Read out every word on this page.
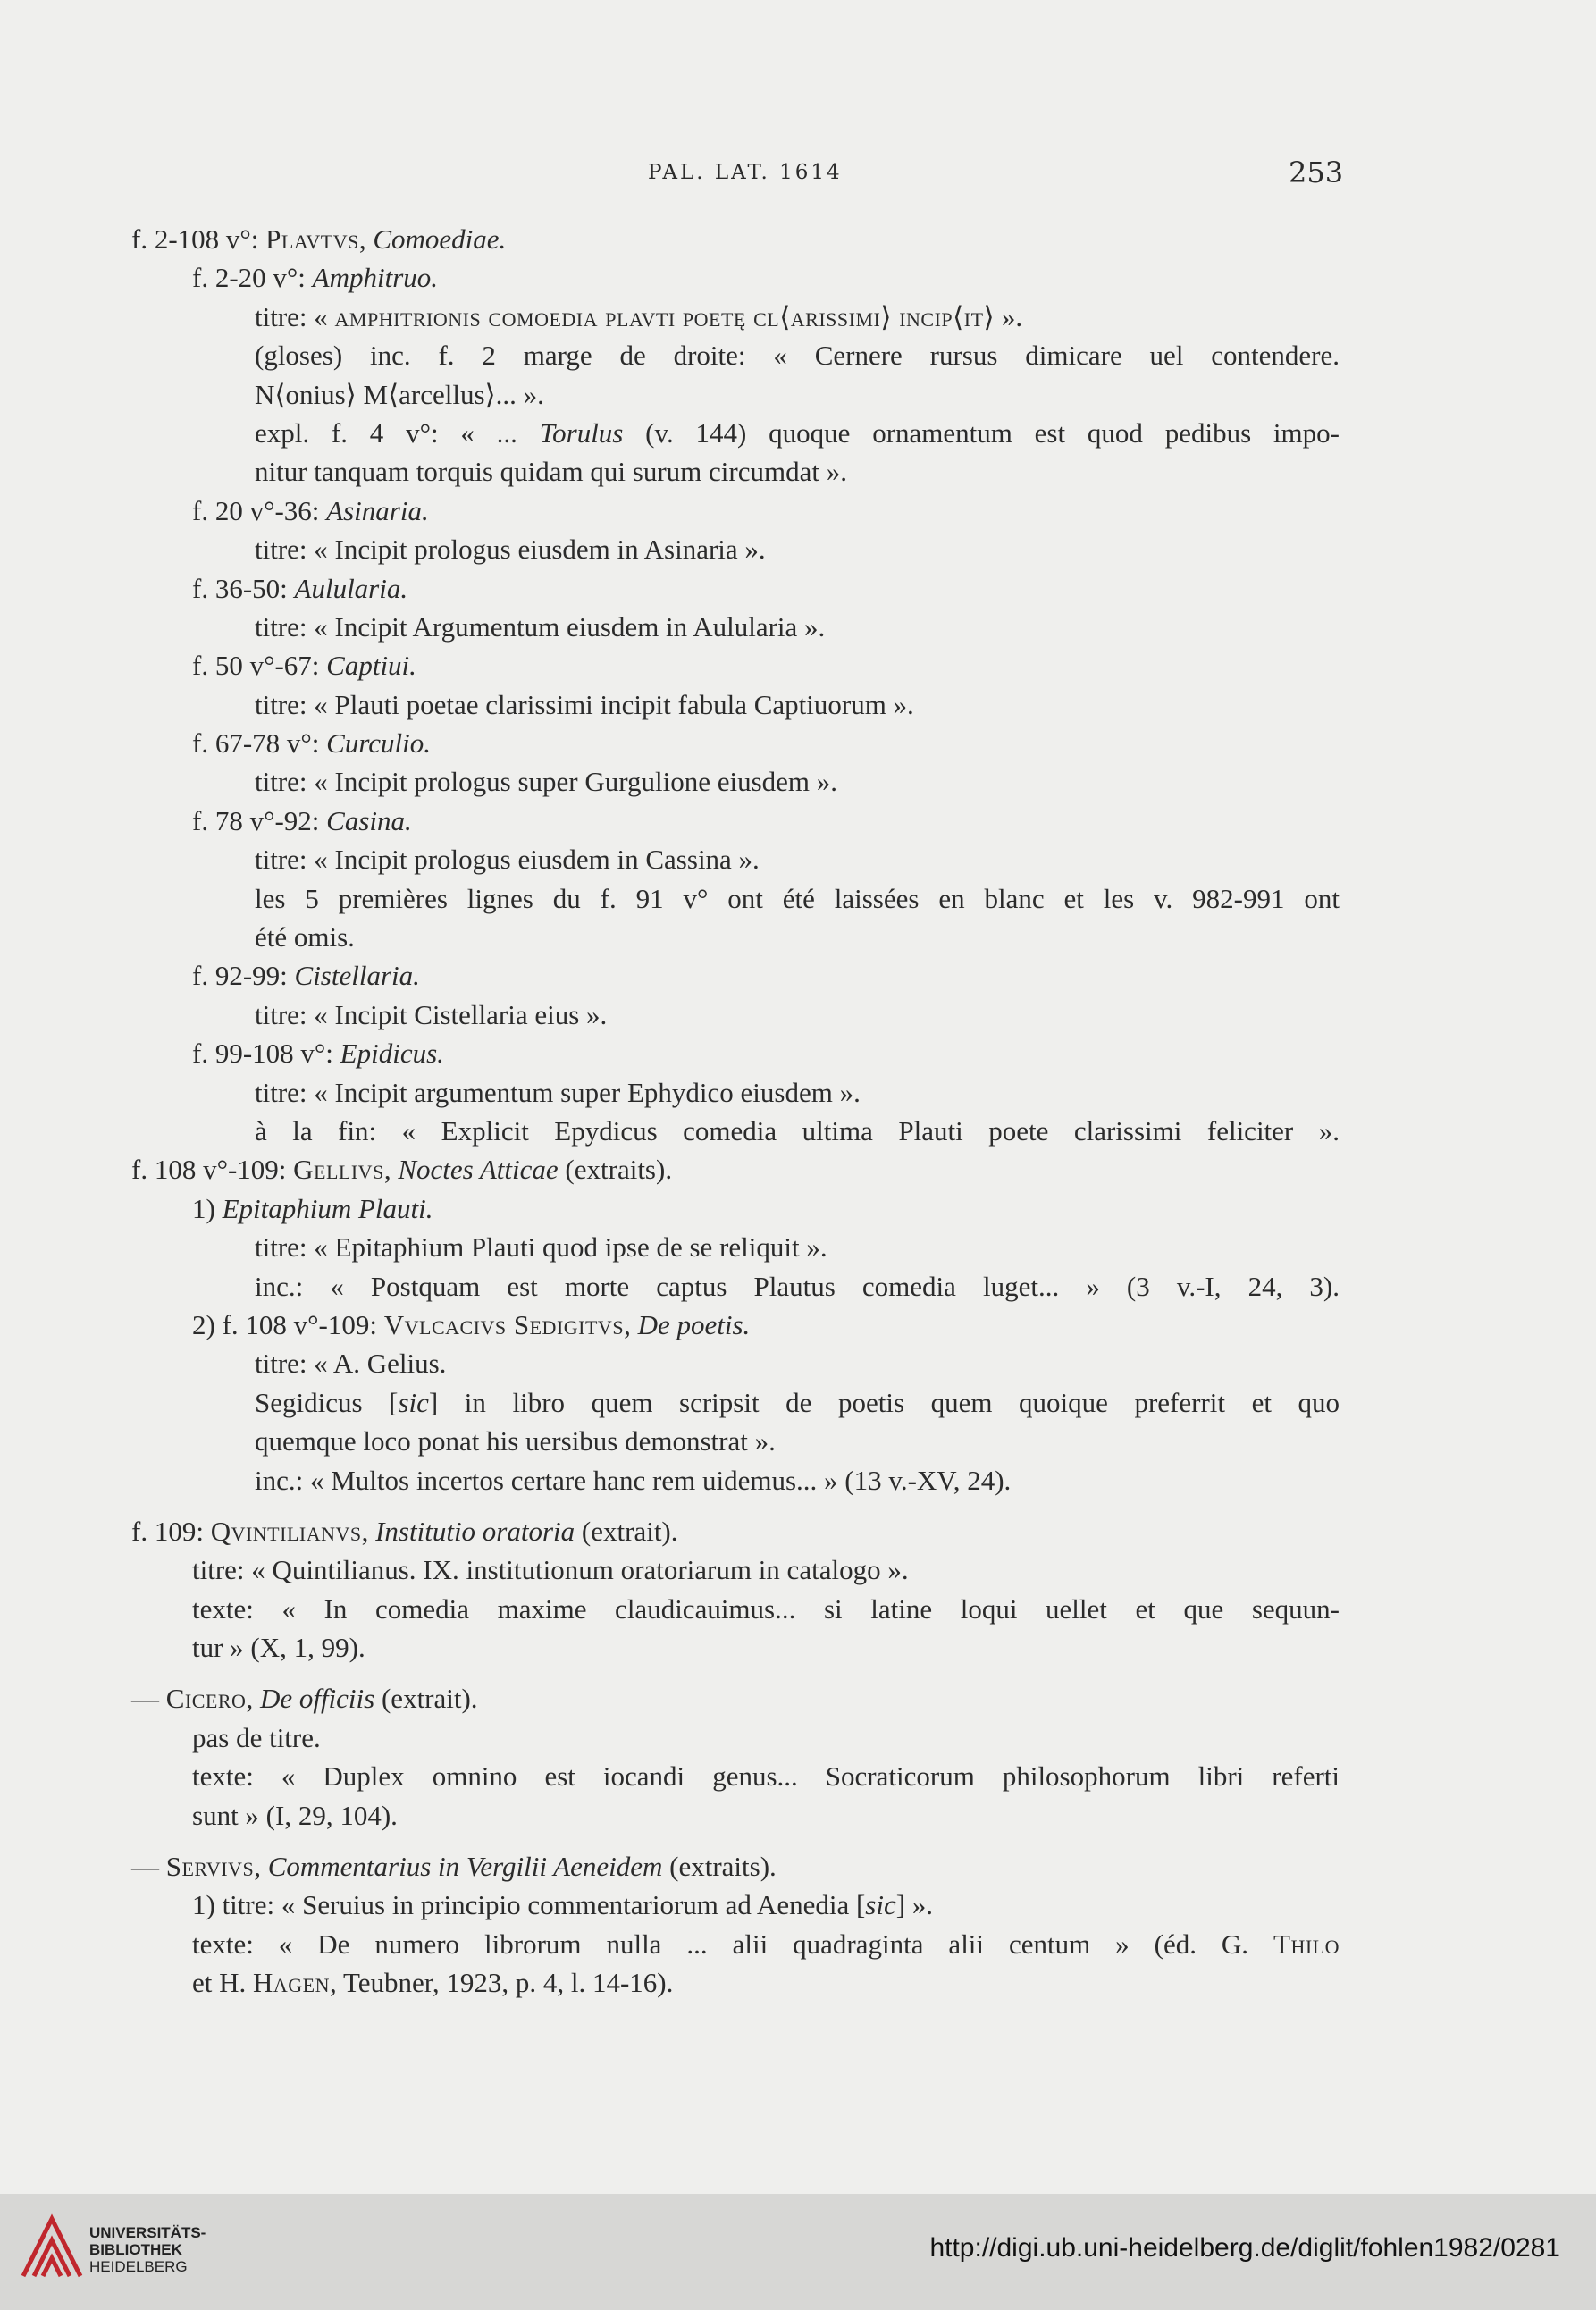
PAL. LAT. 1614	253
f. 2-108 v°: Plavtvs, Comoediae.
f. 2-20 v°: Amphitruo.
titre: « amphitrionis comoedia plavti poetę cl⟨arissimi⟩ incip⟨it⟩ ».
(gloses) inc. f. 2 marge de droite: « Cernere rursus dimicare uel contendere.
N⟨onius⟩ M⟨arcellus⟩... ».
expl. f. 4 v°: « ... Torulus (v. 144) quoque ornamentum est quod pedibus impo-
nitur tanquam torquis quidam qui surum circumdat ».
f. 20 v°-36: Asinaria.
titre: « Incipit prologus eiusdem in Asinaria ».
f. 36-50: Aulularia.
titre: « Incipit Argumentum eiusdem in Aulularia ».
f. 50 v°-67: Captiui.
titre: « Plauti poetae clarissimi incipit fabula Captiuorum ».
f. 67-78 v°: Curculio.
titre: « Incipit prologus super Gurgulione eiusdem ».
f. 78 v°-92: Casina.
titre: « Incipit prologus eiusdem in Cassina ».
les 5 premières lignes du f. 91 v° ont été laissées en blanc et les v. 982-991 ont
été omis.
f. 92-99: Cistellaria.
titre: « Incipit Cistellaria eius ».
f. 99-108 v°: Epidicus.
titre: « Incipit argumentum super Ephydico eiusdem ».
à la fin: « Explicit Epydicus comedia ultima Plauti poete clarissimi feliciter ».
f. 108 v°-109: Gellivs, Noctes Atticae (extraits).
1) Epitaphium Plauti.
titre: « Epitaphium Plauti quod ipse de se reliquit ».
inc.: « Postquam est morte captus Plautus comedia luget... » (3 v.-I, 24, 3).
2) f. 108 v°-109: Vvlcacivs Sedigitvs, De poetis.
titre: « A. Gelius.
Segidicus [sic] in libro quem scripsit de poetis quem quoique preferrit et quo
quemque loco ponat his uersibus demonstrat ».
inc.: « Multos incertos certare hanc rem uidemus... » (13 v.-XV, 24).
f. 109: Qvintilianvs, Institutio oratoria (extrait).
titre: « Quintilianus. IX. institutionum oratoriarum in catalogo ».
texte: « In comedia maxime claudicauimus... si latine loqui uellet et que sequun-
tur » (X, 1, 99).
— Cicero, De officiis (extrait).
pas de titre.
texte: « Duplex omnino est iocandi genus... Socraticorum philosophorum libri referti
sunt » (I, 29, 104).
— Servivs, Commentarius in Vergilii Aeneidem (extraits).
1) titre: « Seruius in principio commentariorum ad Aenedia [sic] ».
texte: « De numero librorum nulla ... alii quadraginta alii centum » (éd. G. Thilo
et H. Hagen, Teubner, 1923, p. 4, l. 14-16).
UNIVERSITÄTS-
BIBLIOTHEK
HEIDELBERG
http://digi.ub.uni-heidelberg.de/diglit/fohlen1982/0281
